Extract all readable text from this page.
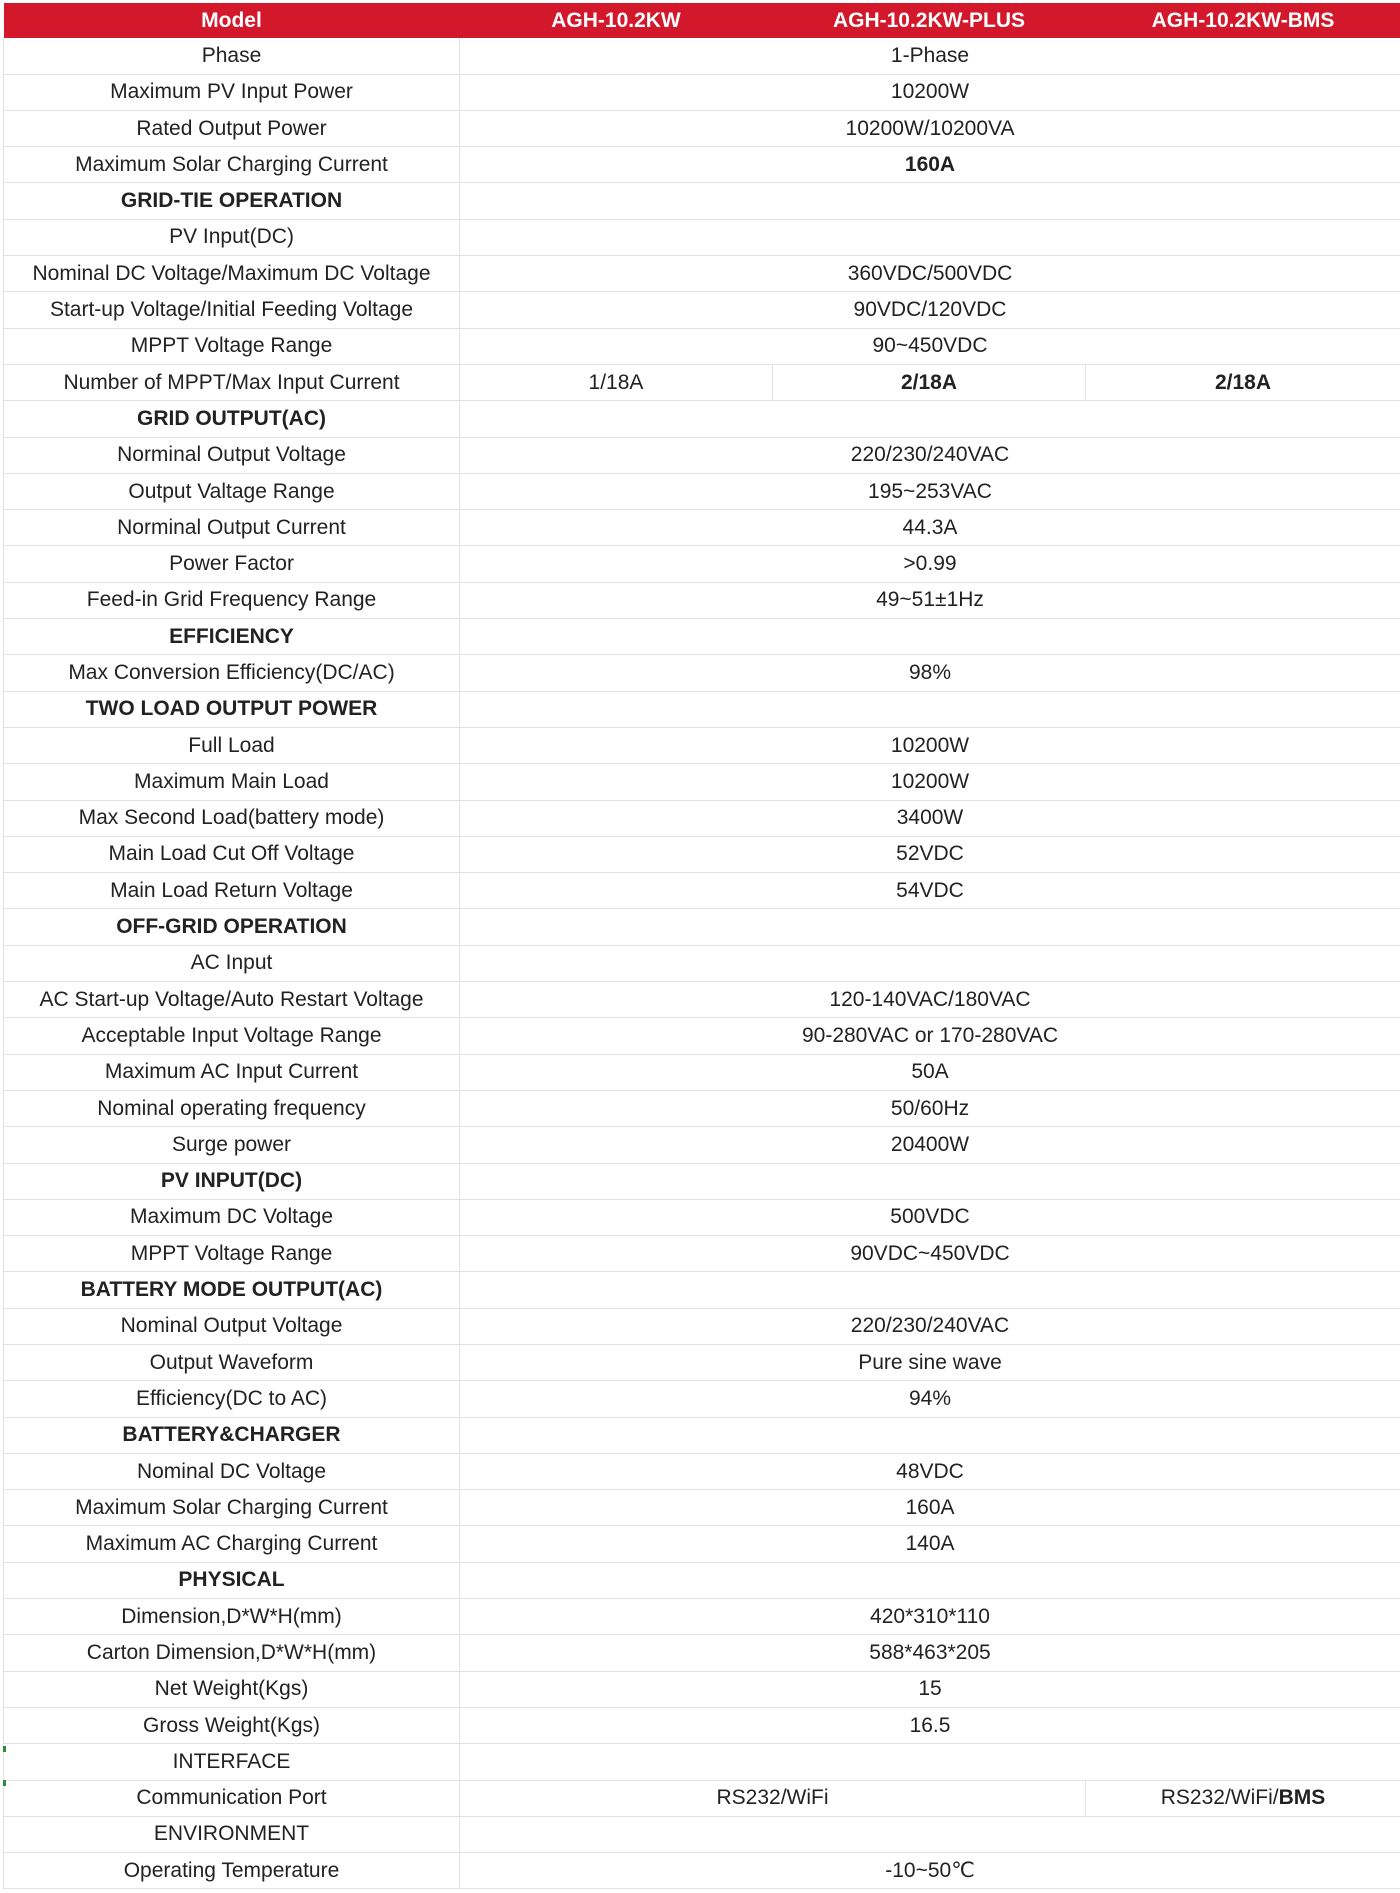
Model	AGH-10.2KW	AGH-10.2KW-PLUS	AGH-10.2KW-BMS
Phase	1-Phase		
Maximum PV Input Power	10200W		
Rated Output Power	10200W/10200VA		
Maximum Solar Charging Current	160A		
GRID-TIE OPERATION			
PV Input(DC)			
Nominal DC Voltage/Maximum DC Voltage	360VDC/500VDC		
Start-up Voltage/Initial Feeding Voltage	90VDC/120VDC		
MPPT Voltage Range	90~450VDC		
Number of MPPT/Max Input Current	1/18A	2/18A	2/18A
GRID OUTPUT(AC)			
Norminal Output Voltage	220/230/240VAC		
Output Valtage Range	195~253VAC		
Norminal Output Current	44.3A		
Power Factor	>0.99		
Feed-in Grid Frequency Range	49~51±1Hz		
EFFICIENCY			
Max Conversion Efficiency(DC/AC)	98%		
TWO LOAD OUTPUT POWER			
Full Load	10200W		
Maximum Main Load	10200W		
Max Second Load(battery mode)	3400W		
Main Load Cut Off Voltage	52VDC		
Main Load Return Voltage	54VDC		
OFF-GRID OPERATION			
AC Input			
AC Start-up Voltage/Auto Restart Voltage	120-140VAC/180VAC		
Acceptable Input Voltage Range	90-280VAC or 170-280VAC		
Maximum AC Input Current	50A		
Nominal operating frequency	50/60Hz		
Surge power	20400W		
PV INPUT(DC)			
Maximum DC Voltage	500VDC		
MPPT Voltage Range	90VDC~450VDC		
BATTERY MODE OUTPUT(AC)			
Nominal Output Voltage	220/230/240VAC		
Output Waveform	Pure sine wave		
Efficiency(DC to AC)	94%		
BATTERY&CHARGER			
Nominal DC Voltage	48VDC		
Maximum Solar Charging Current	160A		
Maximum AC Charging Current	140A		
PHYSICAL			
Dimension,D*W*H(mm)	420*310*110		
Carton Dimension,D*W*H(mm)	588*463*205		
Net Weight(Kgs)	15		
Gross Weight(Kgs)	16.5		
INTERFACE			
Communication Port	RS232/WiFi		RS232/WiFi/BMS
ENVIRONMENT			
Operating Temperature	-10~50℃		
